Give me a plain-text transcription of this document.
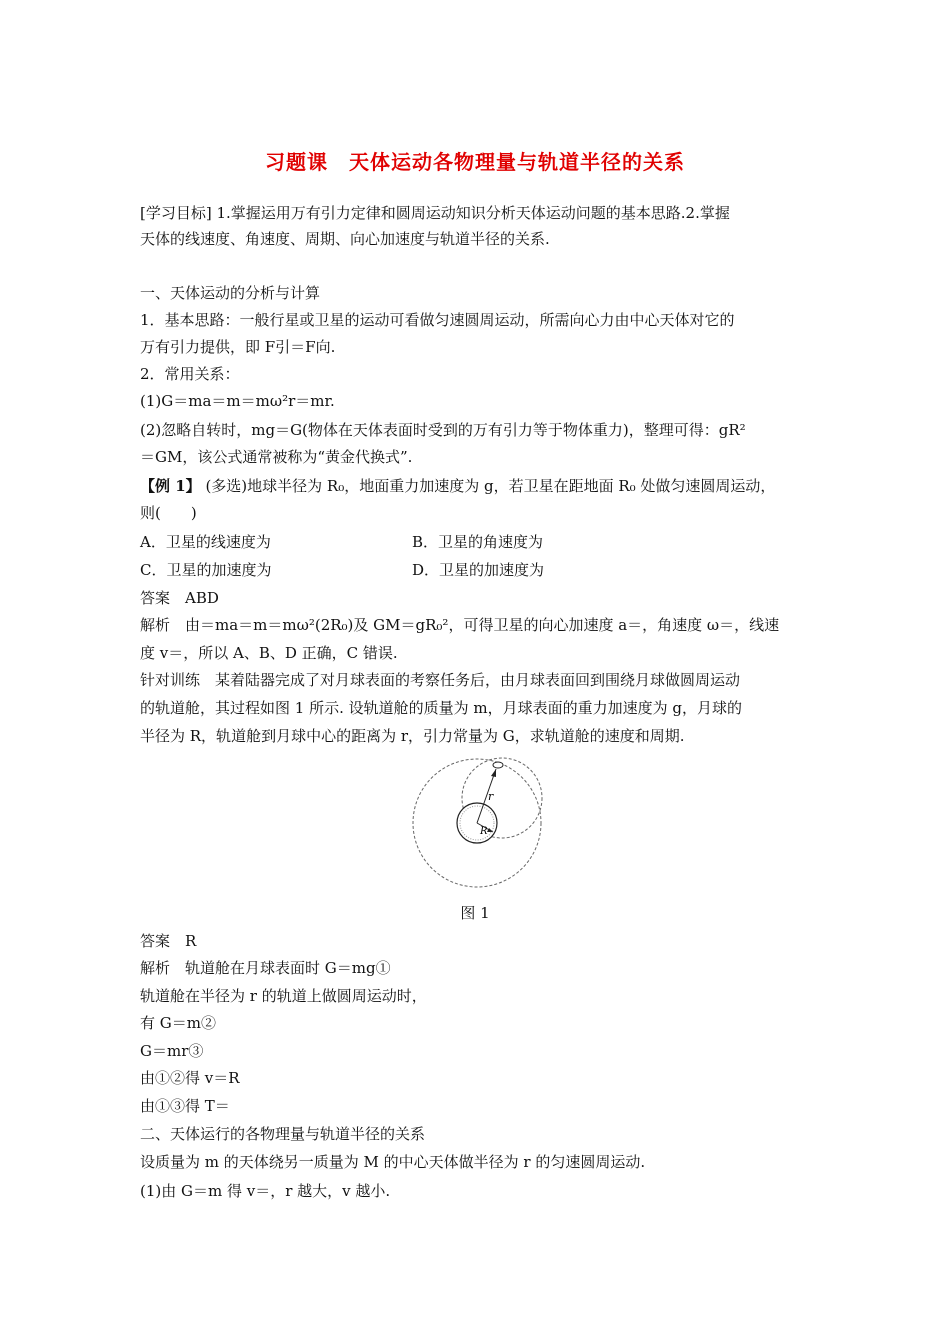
习题课　天体运动各物理量与轨道半径的关系
[学习目标] 1.掌握运用万有引力定律和圆周运动知识分析天体运动问题的基本思路.2.掌握
天体的线速度、角速度、周期、向心加速度与轨道半径的关系.
一、天体运动的分析与计算
1．基本思路：一般行星或卫星的运动可看做匀速圆周运动，所需向心力由中心天体对它的
万有引力提供，即 F引＝F向.
2．常用关系：
(1)G＝ma＝m＝mω²r＝mr.
(2)忽略自转时，mg＝G(物体在天体表面时受到的万有引力等于物体重力)，整理可得：gR²
＝GM，该公式通常被称为“黄金代换式”.
【例 1】 (多选)地球半径为 R₀，地面重力加速度为 g，若卫星在距地面 R₀ 处做匀速圆周运动，
则(　　)
A．卫星的线速度为	B．卫星的角速度为
C．卫星的加速度为	D．卫星的加速度为
答案　ABD
解析　由＝ma＝m＝mω²(2R₀)及 GM＝gR₀²，可得卫星的向心加速度 a＝，角速度 ω＝，线速
度 v＝，所以 A、B、D 正确，C 错误.
针对训练　某着陆器完成了对月球表面的考察任务后，由月球表面回到围绕月球做圆周运动
的轨道舱，其过程如图 1 所示. 设轨道舱的质量为 m，月球表面的重力加速度为 g，月球的
半径为 R，轨道舱到月球中心的距离为 r，引力常量为 G，求轨道舱的速度和周期.
r
R
图 1
答案　R
解析　轨道舱在月球表面时 G＝mg①
轨道舱在半径为 r 的轨道上做圆周运动时，
有 G＝m②
G＝mr③
由①②得 v＝R
由①③得 T＝
二、天体运行的各物理量与轨道半径的关系
设质量为 m 的天体绕另一质量为 M 的中心天体做半径为 r 的匀速圆周运动.
(1)由 G＝m 得 v＝，r 越大，v 越小.
